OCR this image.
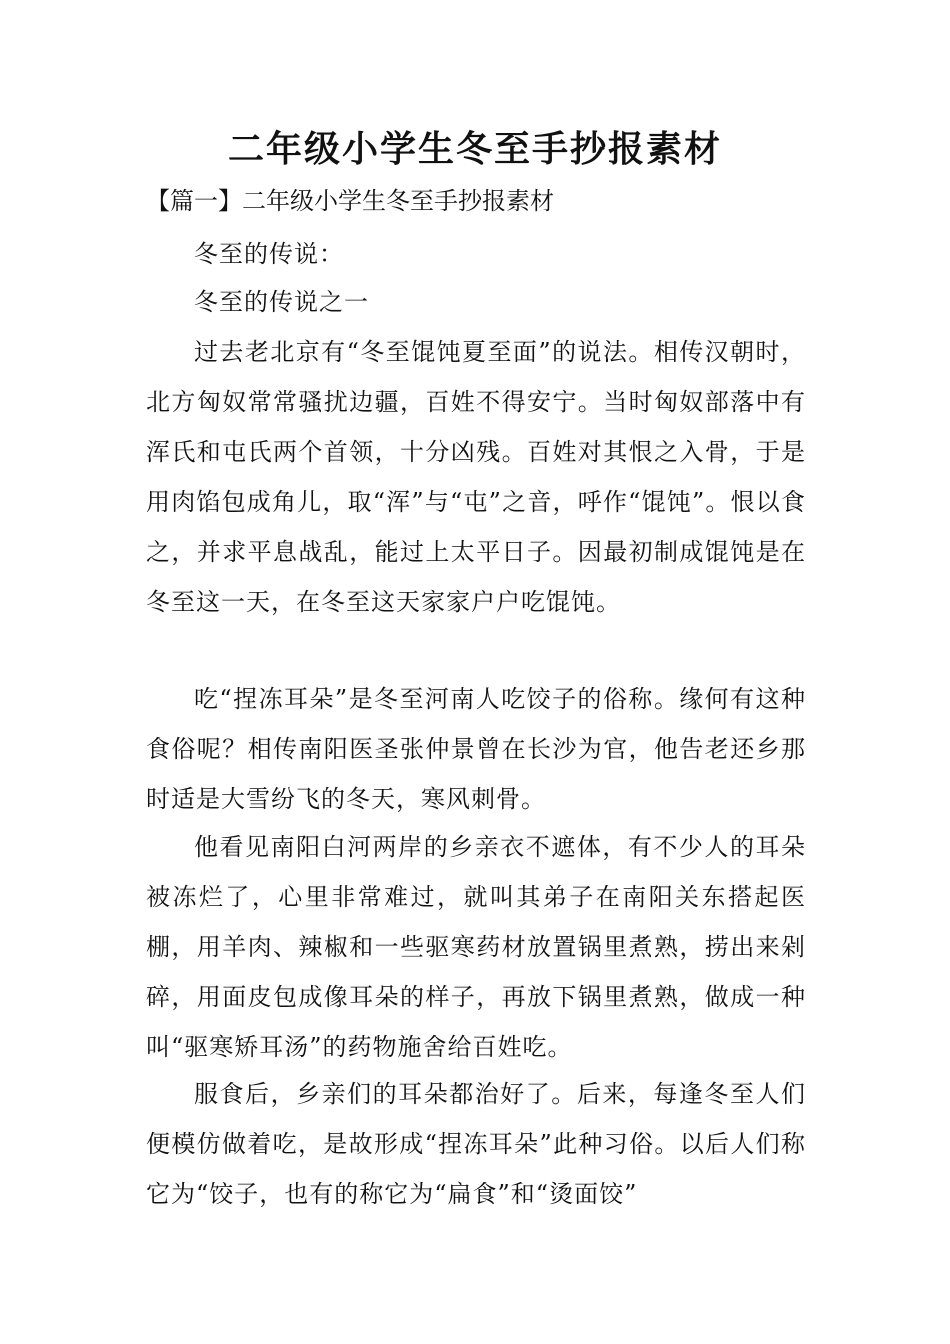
二年级小学生冬至手抄报素材

【篇一】二年级小学生冬至手抄报素材

冬至的传说：

冬至的传说之一

过去老北京有“冬至馄饨夏至面”的说法。相传汉朝时，北方匈奴常常骚扰边疆，百姓不得安宁。当时匈奴部落中有浑氏和屯氏两个首领，十分凶残。百姓对其恨之入骨，于是用肉馅包成角儿，取“浑”与“屯”之音，呼作“馄饨”。恨以食之，并求平息战乱，能过上太平日子。因最初制成馄饨是在冬至这一天，在冬至这天家家户户吃馄饨。

吃“捏冻耳朵”是冬至河南人吃饺子的俗称。缘何有这种食俗呢？相传南阳医圣张仲景曾在长沙为官，他告老还乡那时适是大雪纷飞的冬天，寒风刺骨。

他看见南阳白河两岸的乡亲衣不遮体，有不少人的耳朵被冻烂了，心里非常难过，就叫其弟子在南阳关东搭起医棚，用羊肉、辣椒和一些驱寒药材放置锅里煮熟，捞出来剁碎，用面皮包成像耳朵的样子，再放下锅里煮熟，做成一种叫“驱寒矫耳汤”的药物施舍给百姓吃。

服食后，乡亲们的耳朵都治好了。后来，每逢冬至人们便模仿做着吃，是故形成“捏冻耳朵”此种习俗。以后人们称它为“饺子，也有的称它为“扁食”和“烫面饺”
